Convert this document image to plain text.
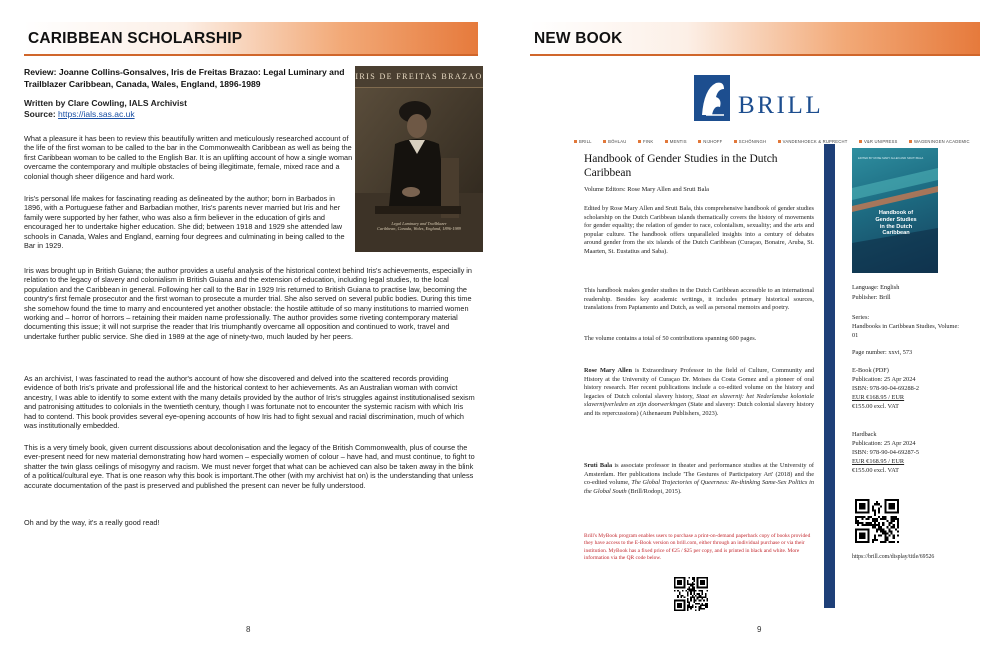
CARIBBEAN SCHOLARSHIP
Review: Joanne Collins-Gonsalves, Iris de Freitas Brazao: Legal Luminary and Trailblazer Caribbean, Canada, Wales, England, 1896-1989
Written by Clare Cowling, IALS Archivist
Source: https://ials.sas.ac.uk
What a pleasure it has been to review this beautifully written and meticulously researched account of the life of the first woman to be called to the bar in the Commonwealth Caribbean as well as being the first Caribbean woman to be called to the English Bar. It is an uplifting account of how a single woman overcame the contemporary and multiple obstacles of being illegitimate, female, mixed race and a colonial though sheer diligence and hard work.
Iris's personal life makes for fascinating reading as delineated by the author; born in Barbados in 1896, with a Portuguese father and Barbadian mother, Iris's parents never married but Iris and her family were supported by her father, who was also a firm believer in the education of girls and encouraged her to undertake higher education. She did; between 1918 and 1929 she attended law schools in Canada, Wales and England, earning four degrees and culminating in being called to the Bar in 1929.
Iris was brought up in British Guiana; the author provides a useful analysis of the historical context behind Iris's achievements, especially in relation to the legacy of slavery and colonialism in British Guiana and the extension of education, including legal studies, to the local population and the Caribbean in general. Following her call to the Bar in 1929 Iris returned to British Guiana to practise law, becoming the country's first female prosecutor and the first woman to prosecute a murder trial. She also served on several public bodies. During this time she somehow found the time to marry and encountered yet another obstacle: the hostile attitude of so many institutions to married women working and – horror of horrors – retaining their maiden name professionally. The author provides some riveting contemporary material documenting this issue; it will not surprise the reader that Iris triumphantly overcame all opposition and continued to work, travel and undertake further public service. She died in 1989 at the age of ninety-two, much lauded by her peers.
As an archivist, I was fascinated to read the author's account of how she discovered and delved into the scattered records providing evidence of both Iris's private and professional life and the historical context to her achievements. As an Australian woman with convict ancestry, I was able to identify to some extent with the many details provided by the author of Iris's struggles against institutionalised sexism and patronising attitudes to colonials in the twentieth century, though I was fortunate not to encounter the systemic racism with which Iris had to contend. This book provides several eye-opening accounts of how Iris had to fight sexual and racial discrimination, much of which was institutionally embedded.
This is a very timely book, given current discussions about decolonisation and the legacy of the British Commonwealth, plus of course the ever-present need for new material demonstrating how hard women – especially women of colour – have had, and must continue, to fight to shatter the twin glass ceilings of misogyny and racism. We must never forget that what can be achieved can also be taken away in the blink of a political/cultural eye. That is one reason why this book is important.The other (with my archivist hat on) is the understanding that unless accurate documentation of the past is preserved and published the present can never be fully understood.
Oh and by the way, it's a really good read!
IRIS DE FREITAS BRAZAO
Legal Luminary and Trailblazer
Caribbean, Canada, Wales, England, 1896-1989
8
NEW BOOK
BRILL
BRILL	BÖHLAU	FINK	MENTIS	NIJHOFF	SCHÖNINGH	VANDENHOECK & RUPRECHT	V&R UNIPRESS	WAGENINGEN ACADEMIC
Handbook of Gender Studies in the Dutch Caribbean
Volume Editors: Rose Mary Allen and Sruti Bala
Edited by Rose Mary Allen and Sruti Bala, this comprehensive handbook of gender studies scholarship on the Dutch Caribbean islands thematically covers the history of movements for gender equality; the relation of gender to race, colonialism, sexuality; and the arts and popular culture. The handbook offers unparalleled insights into a century of debates around gender from the six islands of the Dutch Caribbean (Curaçao, Bonaire, Aruba, St. Maarten, St. Eustatius and Saba).
This handbook makes gender studies in the Dutch Caribbean accessible to an international readership. Besides key academic writings, it includes primary historical sources, translations from Papiamento and Dutch, as well as personal memoirs and poetry.
The volume contains a total of 50 contributions spanning 600 pages.
Rose Mary Allen is Extraordinary Professor in the field of Culture, Community and History at the University of Curaçao Dr. Moises da Costa Gomez and a pioneer of oral history research. Her recent publications include a co-edited volume on the history and legacies of Dutch colonial slavery history, Staat en slavernij: het Nederlandse koloniale slavernijverleden en zijn doorwerkingen (State and slavery: Dutch colonial slavery history and its repercussions) (Athenaeum Publishers, 2023).
Sruti Bala is associate professor in theater and performance studies at the University of Amsterdam. Her publications include 'The Gestures of Participatory Art' (2018) and the co-edited volume, The Global Trajectories of Queerness: Re-thinking Same-Sex Politics in the Global South (Brill/Rodopi, 2015).
Brill's MyBook program enables users to purchase a print-on-demand paperback copy of books provided they have access to the E-Book version on brill.com, either through an individual purchase or via their institution. MyBook has a fixed price of €25 / $25 per copy, and is printed in black and white. More information via the QR code below.
EDITED BY ROSE MARY ALLEN AND SRUTI BALA
Handbook of
Gender Studies
in the Dutch
Caribbean
Language: English
Publisher: Brill
Series:
Handbooks in Caribbean Studies, Volume: 01
Page number: xxvi, 573
E-Book (PDF)
Publication: 25 Apr 2024
ISBN: 978-90-04-69288-2
EUR €168.95 / EUR
€155.00 excl. VAT
Hardback
Publication: 25 Apr 2024
ISBN: 978-90-04-69287-5
EUR €168.95 / EUR
€155.00 excl. VAT
https://brill.com/display/title/69526
9
